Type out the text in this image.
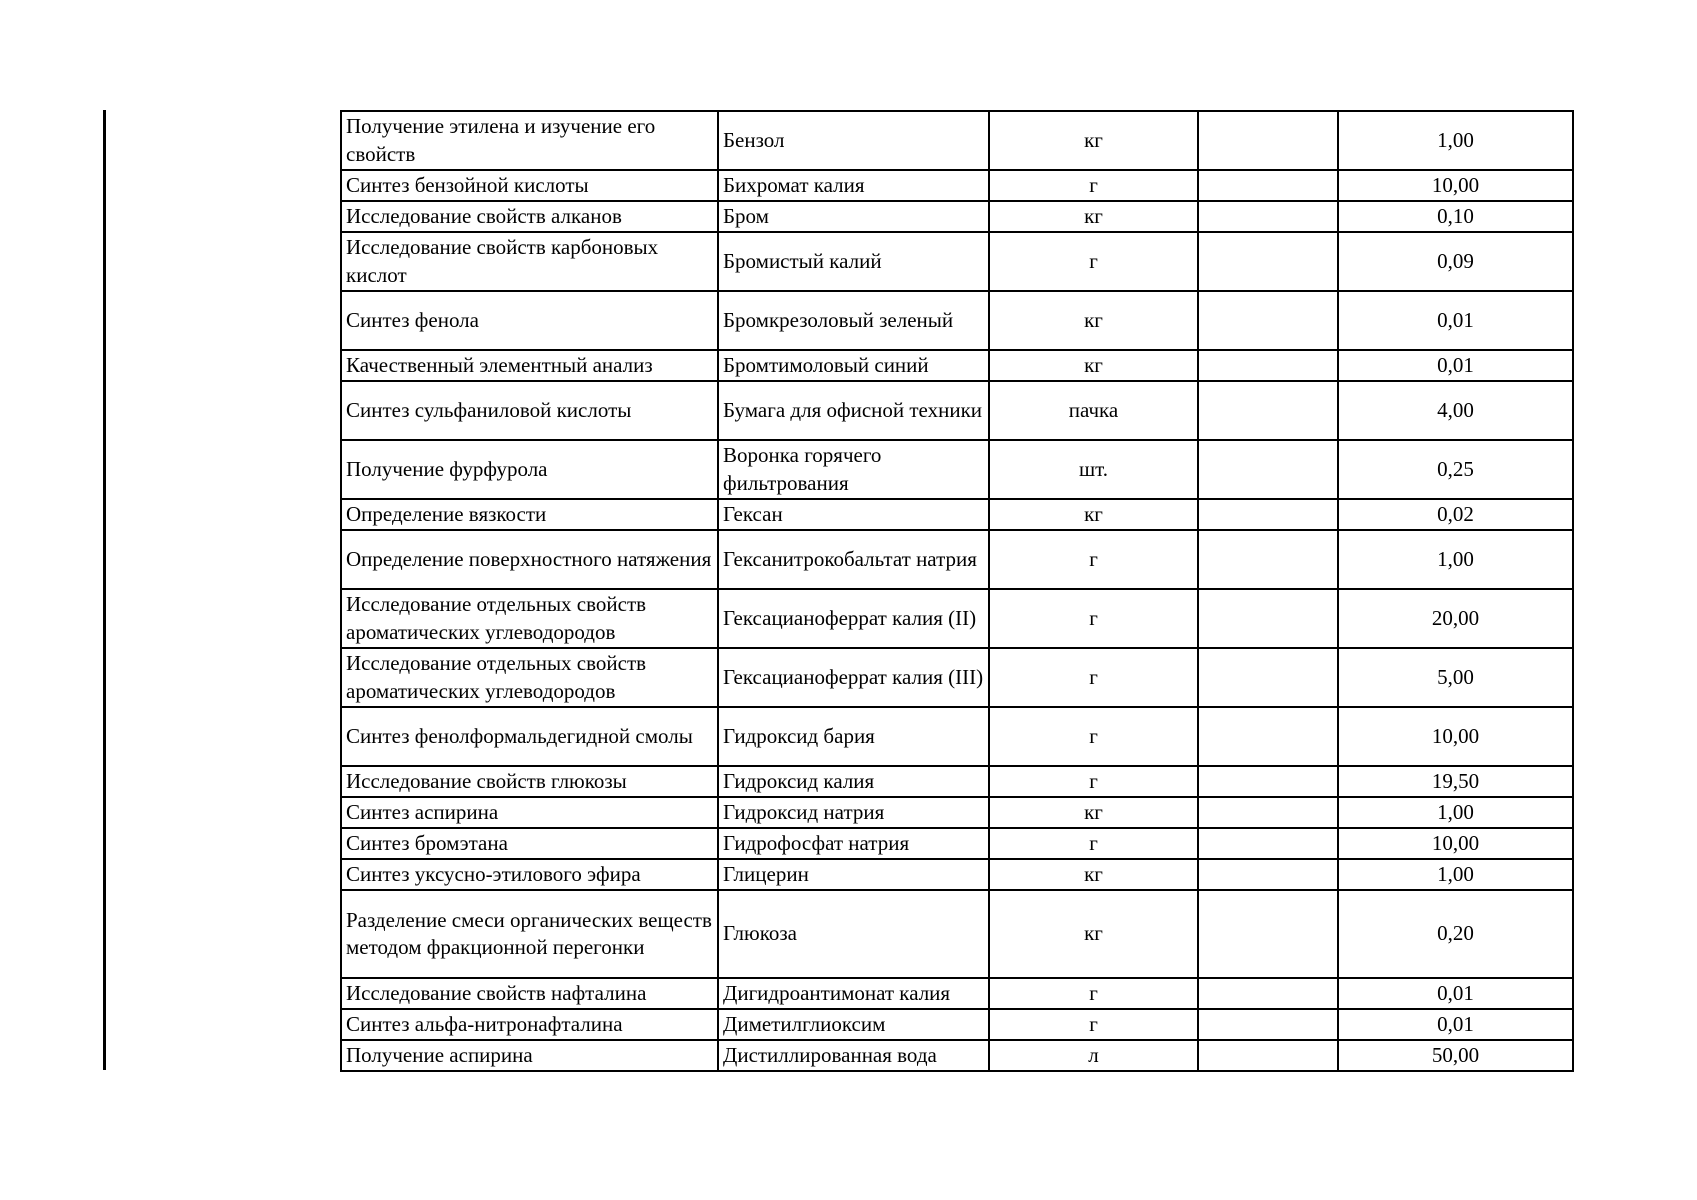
Получение этилена и изучение его свойств	Бензол	кг		1,00
Синтез бензойной кислоты	Бихромат калия	г		10,00
Исследование свойств алканов	Бром	кг		0,10
Исследование свойств карбоновых кислот	Бромистый калий	г		0,09
Синтез фенола	Бромкрезоловый зеленый	кг		0,01
Качественный элементный анализ	Бромтимоловый синий	кг		0,01
Синтез сульфаниловой кислоты	Бумага для офисной техники	пачка		4,00
Получение фурфурола	Воронка горячего фильтрования	шт.		0,25
Определение вязкости	Гексан	кг		0,02
Определение поверхностного натяжения	Гексанитрокобальтат натрия	г		1,00
Исследование отдельных свойств ароматических углеводородов	Гексацианоферрат калия (II)	г		20,00
Исследование отдельных свойств ароматических углеводородов	Гексацианоферрат калия (III)	г		5,00
Синтез фенолформальдегидной смолы	Гидроксид бария	г		10,00
Исследование свойств глюкозы	Гидроксид калия	г		19,50
Синтез аспирина	Гидроксид натрия	кг		1,00
Синтез бромэтана	Гидрофосфат натрия	г		10,00
Синтез уксусно-этилового эфира	Глицерин	кг		1,00
Разделение смеси органических веществ методом фракционной перегонки	Глюкоза	кг		0,20
Исследование свойств нафталина	Дигидроантимонат калия	г		0,01
Синтез альфа-нитронафталина	Диметилглиоксим	г		0,01
Получение аспирина	Дистиллированная вода	л		50,00
